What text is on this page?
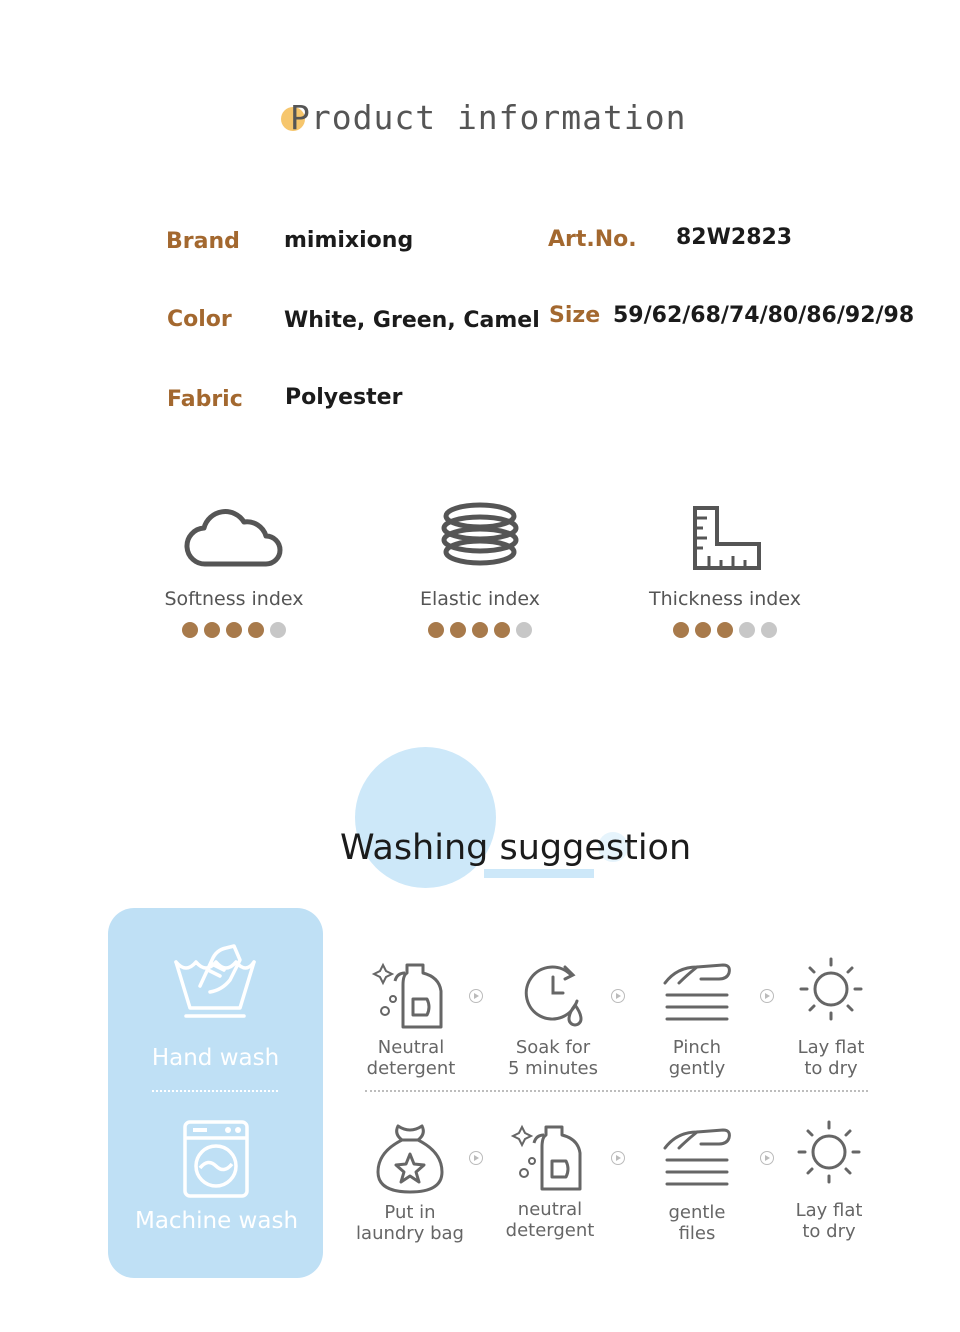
Product information
Brand mimixiong	Art.No. 82W2823
Color White, Green, Camel Size 59/62/68/74/80/86/92/98
Fabric Polyester
Softness index	Elastic index	Thickness index
Washing suggestion
Hand wash
Machine wash
Neutral
detergent
Soak for
5 minutes
Pinch
gently
Lay flat
to dry
Put in
laundry bag
neutral
detergent
gentle
files
Lay flat
to dry
